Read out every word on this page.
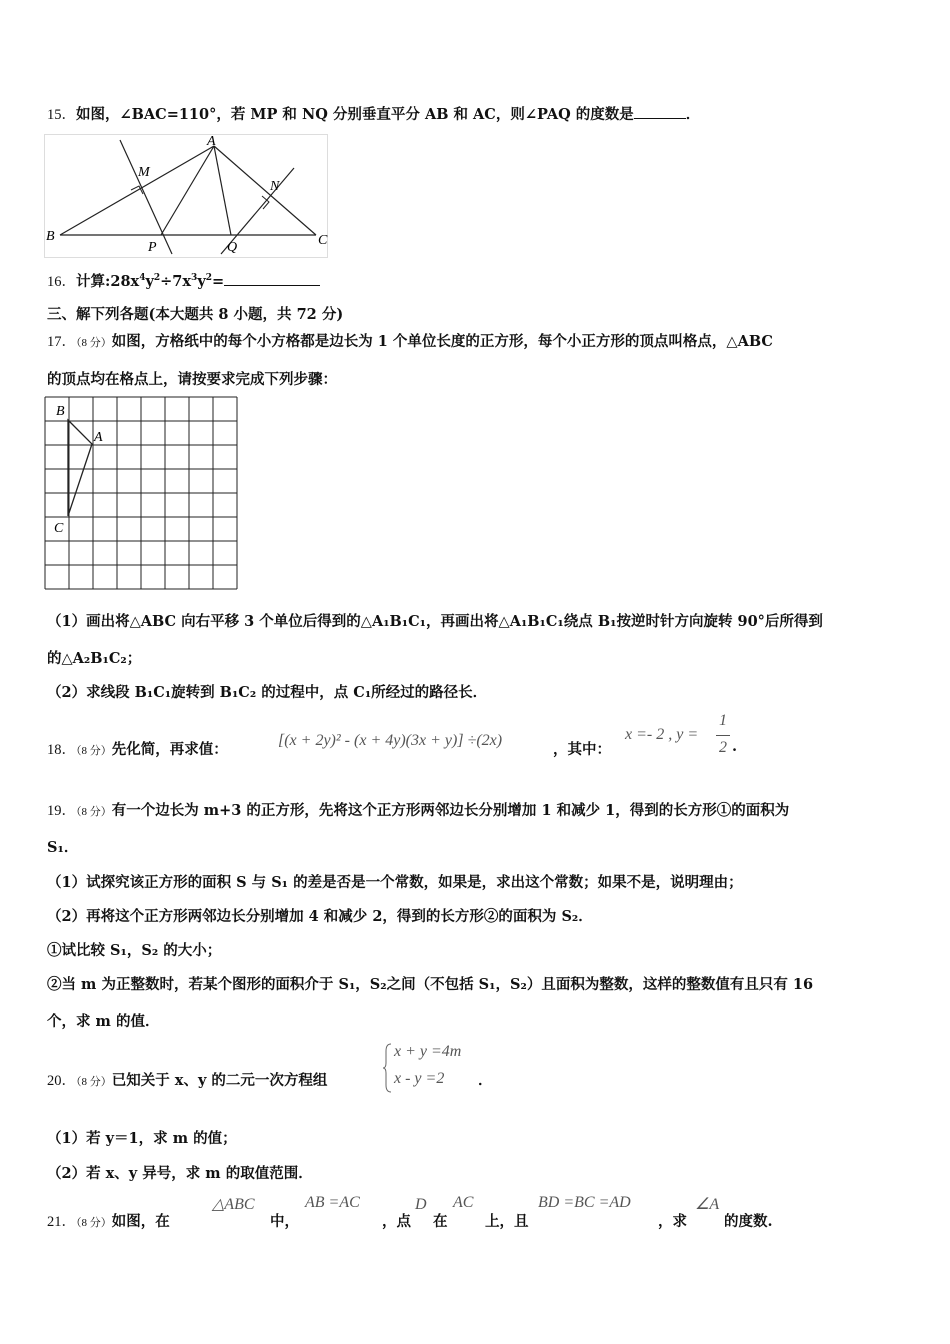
15．如图，∠BAC=110°，若 MP 和 NQ 分别垂直平分 AB 和 AC，则∠PAQ 的度数是	．
A
M
N
B
P	Q	C
16．计算$:28x^4y^2\div 7x^3y^2=$
三、解下列各题(本大题共 8 小题，共 72 分)
17．（8 分）如图，方格纸中的每个小方格都是边长为 1 个单位长度的正方形，每个小正方形的顶点叫格点，△ABC
的顶点均在格点上，请按要求完成下列步骤：
B
A
C
（1）画出将△ABC 向右平移 3 个单位后得到的△A₁B₁C₁，再画出将△A₁B₁C₁绕点 B₁按逆时针方向旋转 90°后所得到
的△A₂B₁C₂；
（2）求线段 B₁C₁旋转到 B₁C₂ 的过程中，点 C₁所经过的路径长．
18．（8 分）先化简，再求值：
[(x + 2y)² - (x + 4y)(3x + y)] ÷(2x)
，其中：
x =- 2 , y =
1
2 .
19．（8 分）有一个边长为 m+3 的正方形，先将这个正方形两邻边长分别增加 1 和减少 1，得到的长方形①的面积为
S₁．
（1）试探究该正方形的面积 S 与 S₁ 的差是否是一个常数，如果是，求出这个常数；如果不是，说明理由；
（2）再将这个正方形两邻边长分别增加 4 和减少 2，得到的长方形②的面积为 S₂．
①试比较 S₁，S₂ 的大小；
②当 m 为正整数时，若某个图形的面积介于 S₁，S₂之间（不包括 S₁，S₂）且面积为整数，这样的整数值有且只有 16
个，求 m 的值．
20．（8 分）已知关于 x、y 的二元一次方程组
x + y =4m
x - y =2 ．
（1）若 y＝1，求 m 的值；
（2）若 x、y 异号，求 m 的取值范围．
21．（8 分）如图，在
△ABC
中，
AB =AC
，点
D
在
AC
上，且
BD =BC =AD
，求
∠A
的度数.
